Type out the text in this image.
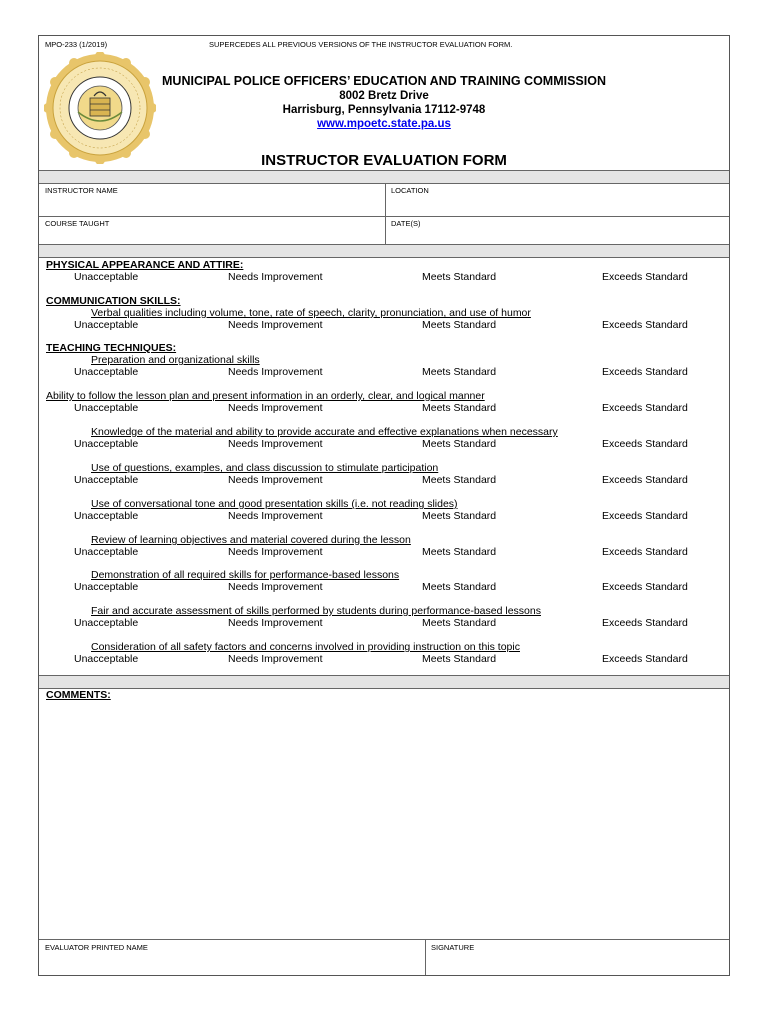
MPO-233 (1/2019)	SUPERCEDES ALL PREVIOUS VERSIONS OF THE INSTRUCTOR EVALUATION FORM.
MUNICIPAL POLICE OFFICERS’ EDUCATION AND TRAINING COMMISSION
8002 Bretz Drive
Harrisburg, Pennsylvania 17112-9748
www.mpoetc.state.pa.us
INSTRUCTOR EVALUATION FORM
INSTRUCTOR NAME	LOCATION
COURSE TAUGHT	DATE(S)
PHYSICAL APPEARANCE AND ATTIRE:
Unacceptable	Needs Improvement	Meets Standard	Exceeds Standard
COMMUNICATION SKILLS:
Verbal qualities including volume, tone, rate of speech, clarity, pronunciation, and use of humor
Unacceptable	Needs Improvement	Meets Standard	Exceeds Standard
TEACHING TECHNIQUES:
Preparation and organizational skills
Unacceptable	Needs Improvement	Meets Standard	Exceeds Standard
Ability to follow the lesson plan and present information in an orderly, clear, and logical manner
Unacceptable	Needs Improvement	Meets Standard	Exceeds Standard
Knowledge of the material and ability to provide accurate and effective explanations when necessary
Unacceptable	Needs Improvement	Meets Standard	Exceeds Standard
Use of questions, examples, and class discussion to stimulate participation
Unacceptable	Needs Improvement	Meets Standard	Exceeds Standard
Use of conversational tone and good presentation skills (i.e. not reading slides)
Unacceptable	Needs Improvement	Meets Standard	Exceeds Standard
Review of learning objectives and material covered during the lesson
Unacceptable	Needs Improvement	Meets Standard	Exceeds Standard
Demonstration of all required skills for performance-based lessons
Unacceptable	Needs Improvement	Meets Standard	Exceeds Standard
Fair and accurate assessment of skills performed by students during performance-based lessons
Unacceptable	Needs Improvement	Meets Standard	Exceeds Standard
Consideration of all safety factors and concerns involved in providing instruction on this topic
Unacceptable	Needs Improvement	Meets Standard	Exceeds Standard
COMMENTS:
EVALUATOR PRINTED NAME	SIGNATURE
